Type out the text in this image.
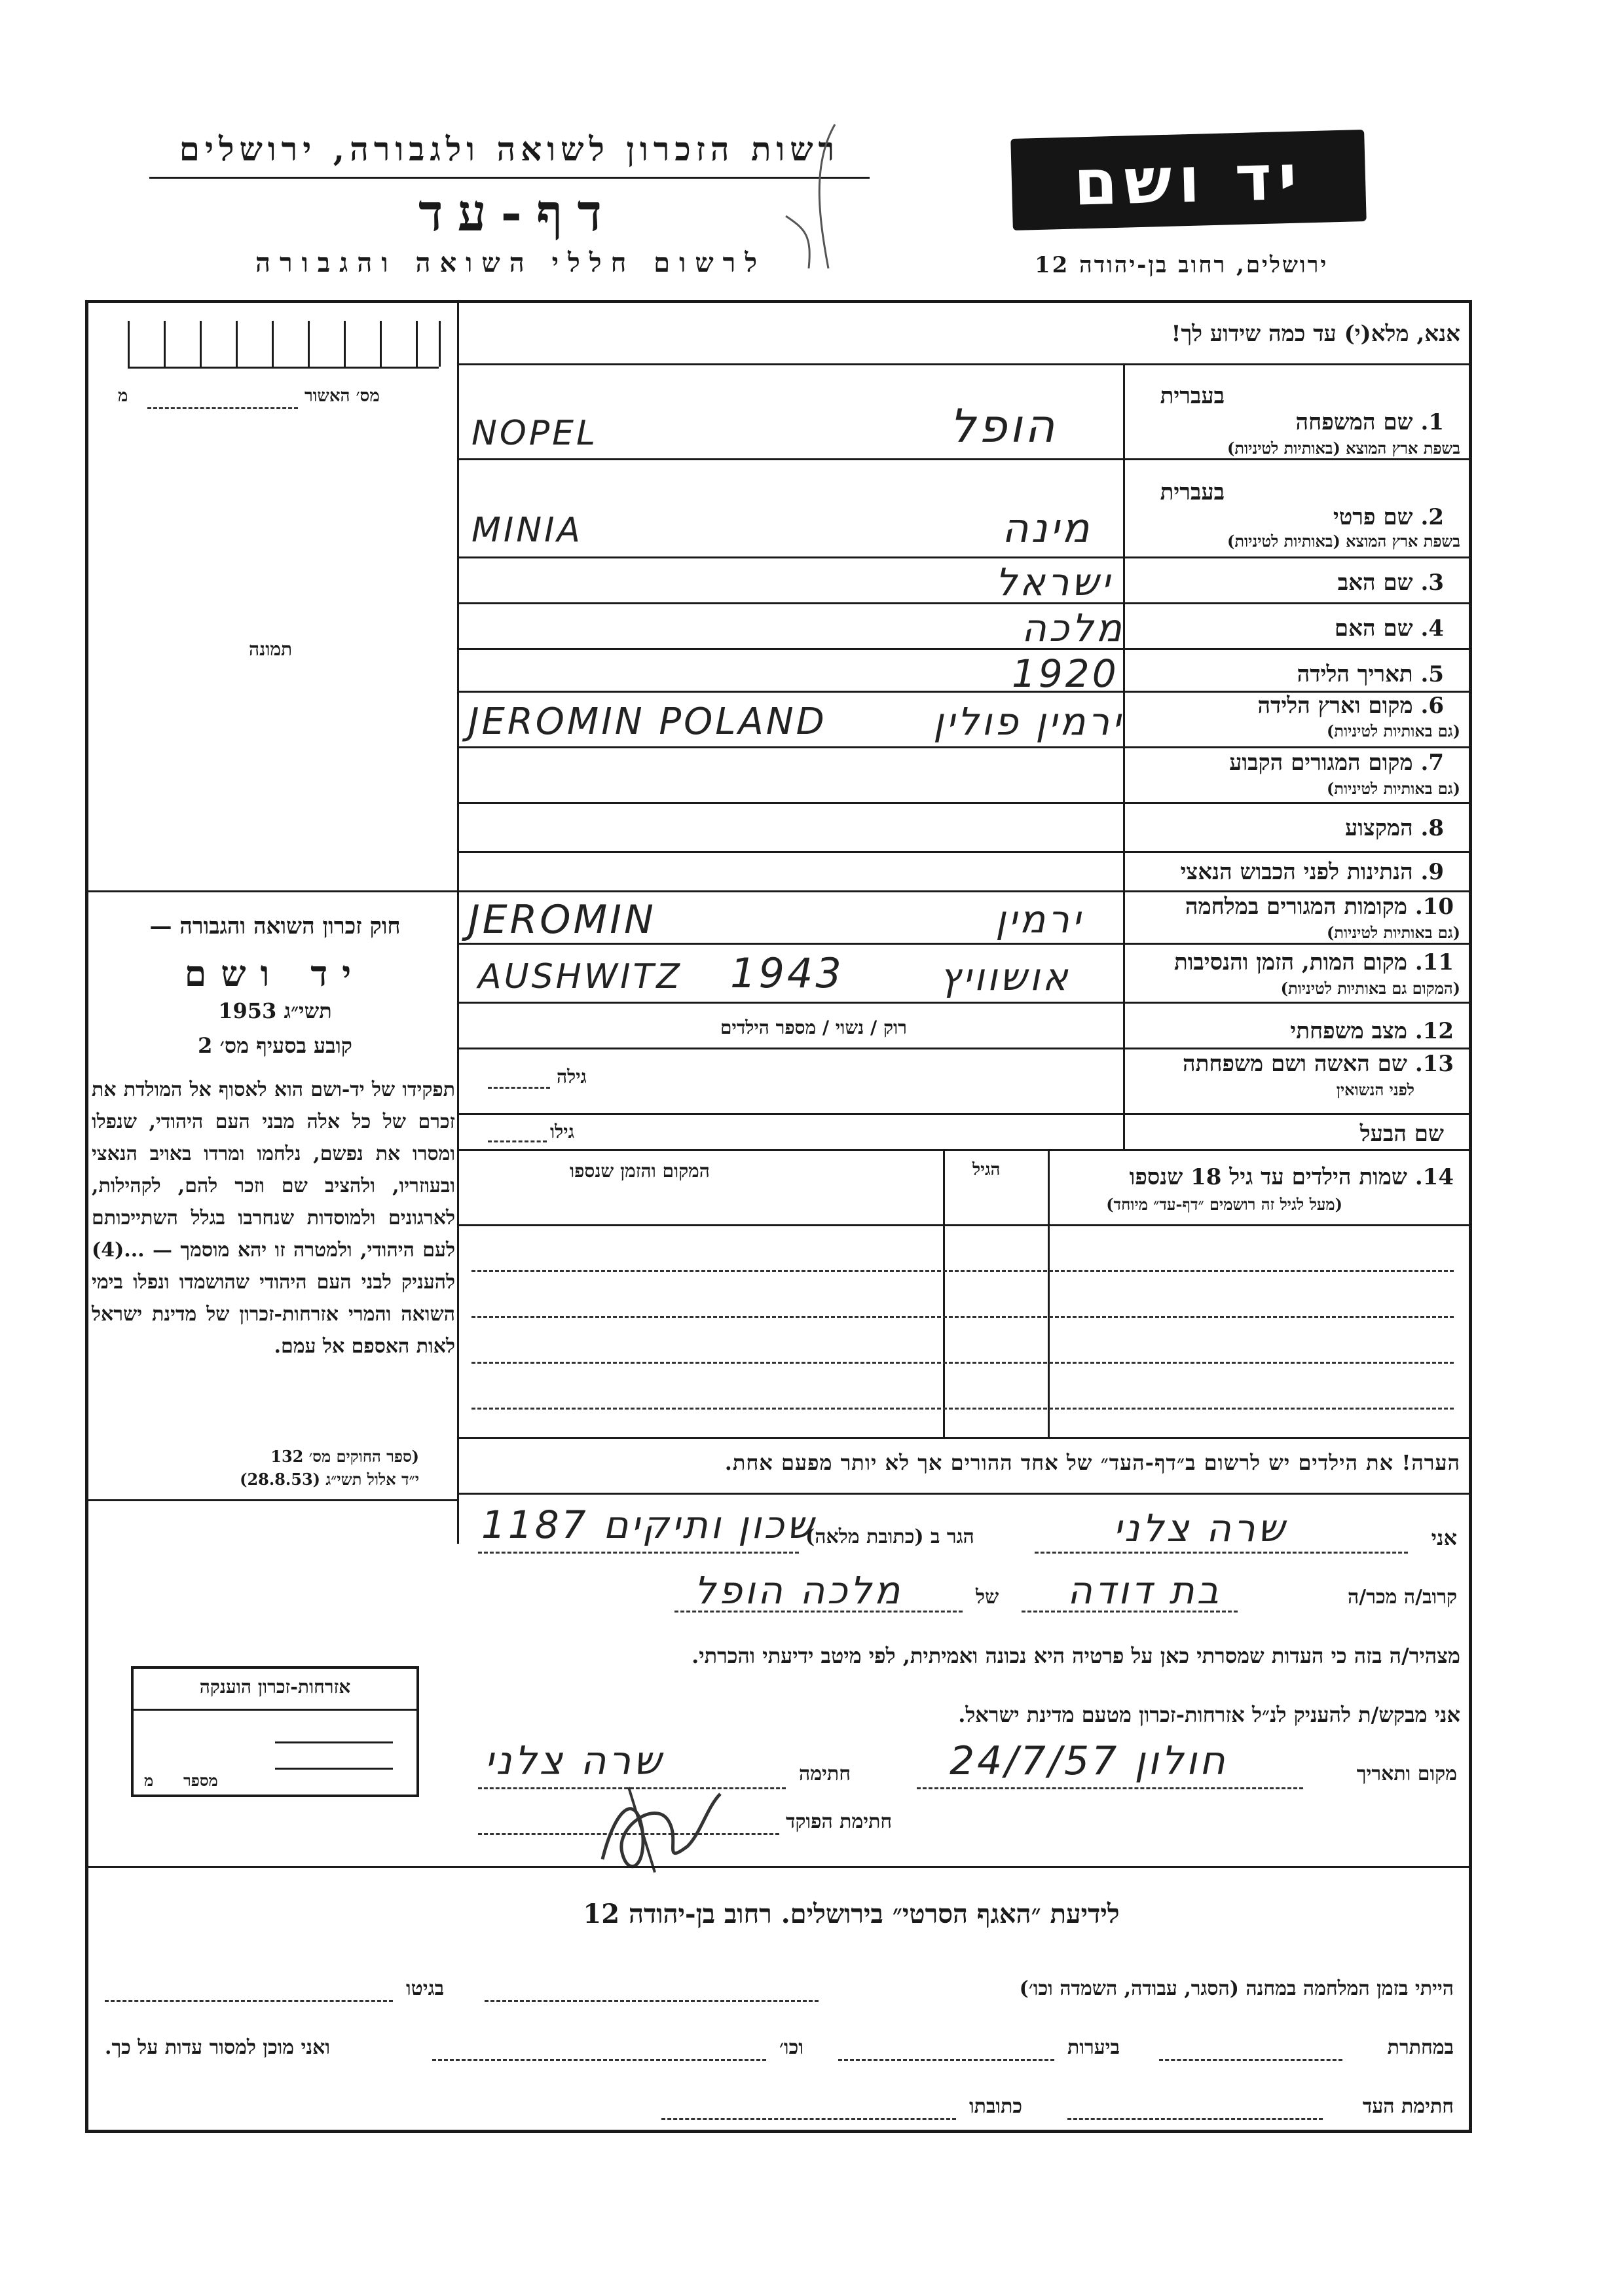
רשות הזכרון לשואה ולגבורה, ירושלים
דף-עד
לרשום חללי השואה והגבורה
יד ושם
ירושלים, רחוב בן-יהודה 12
אנא, מלא(י) עד כמה שידוע לך!
מס׳ האשור
מ
תמונה
חוק זכרון השואה והגבורה —
יד ושם
תשי״ג 1953
קובע בסעיף מס׳ 2
תפקידו של יד-ושם הוא לאסוף אל המולדת את זכרם של כל אלה מבני העם היהודי, שנפלו ומסרו את נפשם, נלחמו ומרדו באויב הנאצי ובעוזריו, ולהציב שם וזכר להם, לקהילות, לארגונים ולמוסדות שנחרבו בגלל השתייכותם לעם היהודי, ולמטרה זו יהא מוסמך — ...(4) להעניק לבני העם היהודי שהושמדו ונפלו בימי השואה והמרי אזרחות-זכרון של מדינת ישראל לאות האספם אל עמם.
(ספר החוקים מס׳ 132
י״ד אלול תשי״ג (28.8.53)
אזרחות-זכרון הוענקה
מספר
מ
בעברית
בעברית
1. שם המשפחה
בשפת ארץ המוצא (באותיות לטיניות)
NOPEL	הופל
2. שם פרטי
בשפת ארץ המוצא (באותיות לטיניות)
MINIA	מינה
3. שם האב
ישראל
4. שם האם
מלכה
5. תאריך הלידה
1920
6. מקום וארץ הלידה
(גם באותיות לטיניות)
JEROMIN POLAND	ירמין פולין
7. מקום המגורים הקבוע
(גם באותיות לטיניות)
8. המקצוע
9. הנתינות לפני הכבוש הנאצי
10. מקומות המגורים במלחמה
(גם באותיות לטיניות)
JEROMIN	ירמין
11. מקום המות, הזמן והנסיבות
(המקום גם באותיות לטיניות)
AUSHWITZ 1943	אושוויץ
12. מצב משפחתי
רוק / נשוי / מספר הילדים
13. שם האשה ושם משפחתה
לפני הנשואין
גילה
שם הבעל
גילו
14. שמות הילדים עד גיל 18 שנספו
(מעל לגיל זה רושמים ״דף-עד״ מיוחד)
הגיל
המקום והזמן שנספו
הערה! את הילדים יש לרשום ב״דף-העד״ של אחד ההורים אך לא יותר מפעם אחת.
אני
שרה צלני
הגר ב (כתובת מלאה)
שכון ותיקים 1187
קרוב/ה מכר/ה
בת דודה
של
מלכה הופל
מצהיר/ה בזה כי העדות שמסרתי כאן על פרטיה היא נכונה ואמיתית, לפי מיטב ידיעתי והכרתי.
אני מבקש/ת להעניק לנ״ל אזרחות-זכרון מטעם מדינת ישראל.
מקום ותאריך
חולון 24/7/57
חתימה
שרה צלני
חתימת הפוקד
לידיעת ״האגף הסרטי״ בירושלים. רחוב בן-יהודה 12
הייתי בזמן המלחמה במחנה (הסגר, עבודה, השמדה וכו׳)
בגיטו
במחתרת
ביערות
וכו׳
ואני מוכן למסור עדות על כך.
חתימת העד
כתובתו
